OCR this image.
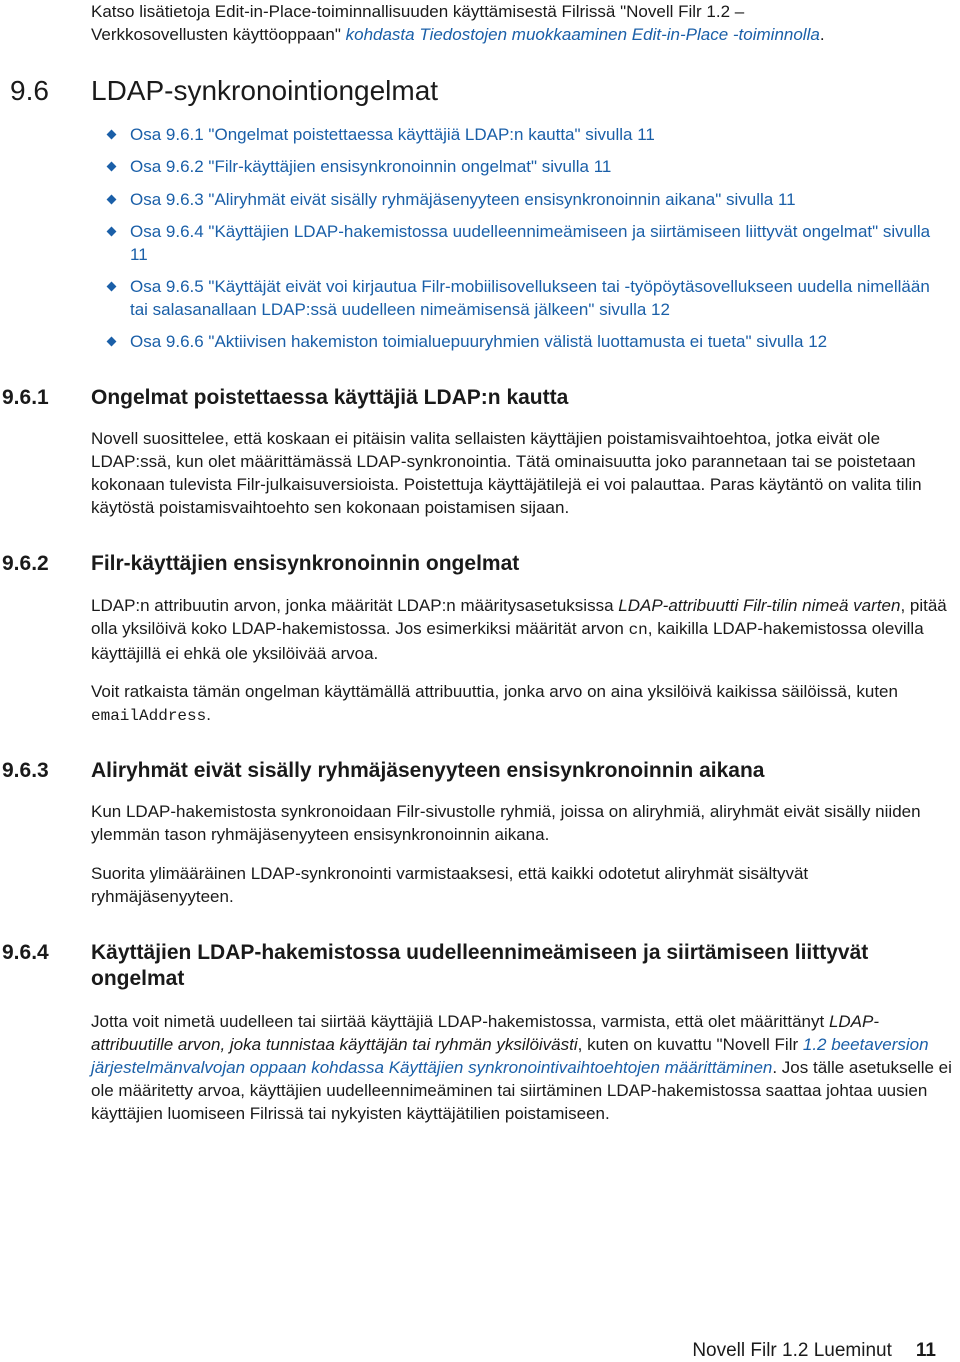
Katso lisätietoja Edit-in-Place-toiminnallisuuden käyttämisestä Filrissä "Novell Filr 1.2 –
Verkkosovellusten käyttöoppaan" kohdasta Tiedostojen muokkaaminen Edit-in-Place -toiminnolla.
9.6 LDAP-synkronointiongelmat
Osa 9.6.1 "Ongelmat poistettaessa käyttäjiä LDAP:n kautta" sivulla 11
Osa 9.6.2 "Filr-käyttäjien ensisynkronoinnin ongelmat" sivulla 11
Osa 9.6.3 "Aliryhmät eivät sisälly ryhmäjäsenyyteen ensisynkronoinnin aikana" sivulla 11
Osa 9.6.4 "Käyttäjien LDAP-hakemistossa uudelleennimeämiseen ja siirtämiseen liittyvät ongelmat" sivulla 11
Osa 9.6.5 "Käyttäjät eivät voi kirjautua Filr-mobiilisovellukseen tai -työpöytäsovellukseen uudella nimellään tai salasanallaan LDAP:ssä uudelleen nimeämisensä jälkeen" sivulla 12
Osa 9.6.6 "Aktiivisen hakemiston toimialuepuuryhmien välistä luottamusta ei tueta" sivulla 12
9.6.1 Ongelmat poistettaessa käyttäjiä LDAP:n kautta

Novell suosittelee, että koskaan ei pitäisin valita sellaisten käyttäjien poistamisvaihtoehtoa, jotka eivät ole LDAP:ssä, kun olet määrittämässä LDAP-synkronointia. Tätä ominaisuutta joko parannetaan tai se poistetaan kokonaan tulevista Filr-julkaisuversioista. Poistettuja käyttäjätilejä ei voi palauttaa. Paras käytäntö on valita tilin käytöstä poistamisvaihtoehto sen kokonaan poistamisen sijaan.

9.6.2 Filr-käyttäjien ensisynkronoinnin ongelmat

LDAP:n attribuutin arvon, jonka määrität LDAP:n määritysasetuksissa LDAP-attribuutti Filr-tilin nimeä varten, pitää olla yksilöivä koko LDAP-hakemistossa. Jos esimerkiksi määrität arvon cn, kaikilla LDAP-hakemistossa olevilla käyttäjillä ei ehkä ole yksilöivää arvoa.

Voit ratkaista tämän ongelman käyttämällä attribuuttia, jonka arvo on aina yksilöivä kaikissa säilöissä, kuten emailAddress.

9.6.3 Aliryhmät eivät sisälly ryhmäjäsenyyteen ensisynkronoinnin aikana

Kun LDAP-hakemistosta synkronoidaan Filr-sivustolle ryhmiä, joissa on aliryhmiä, aliryhmät eivät sisälly niiden ylemmän tason ryhmäjäsenyyteen ensisynkronoinnin aikana.

Suorita ylimääräinen LDAP-synkronointi varmistaaksesi, että kaikki odotetut aliryhmät sisältyvät ryhmäjäsenyyteen.

9.6.4 Käyttäjien LDAP-hakemistossa uudelleennimeämiseen ja siirtämiseen liittyvät ongelmat

Jotta voit nimetä uudelleen tai siirtää käyttäjiä LDAP-hakemistossa, varmista, että olet määrittänyt LDAP-attribuutille arvon, joka tunnistaa käyttäjän tai ryhmän yksilöivästi, kuten on kuvattu "Novell Filr 1.2 beetaversion järjestelmänvalvojan oppaan kohdassa Käyttäjien synkronointivaihtoehtojen määrittäminen. Jos tälle asetukselle ei ole määritetty arvoa, käyttäjien uudelleennimeäminen tai siirtäminen LDAP-hakemistossa saattaa johtaa uusien käyttäjien luomiseen Filrissä tai nykyisten käyttäjätilien poistamiseen.

Novell Filr 1.2 Lueminut 11
